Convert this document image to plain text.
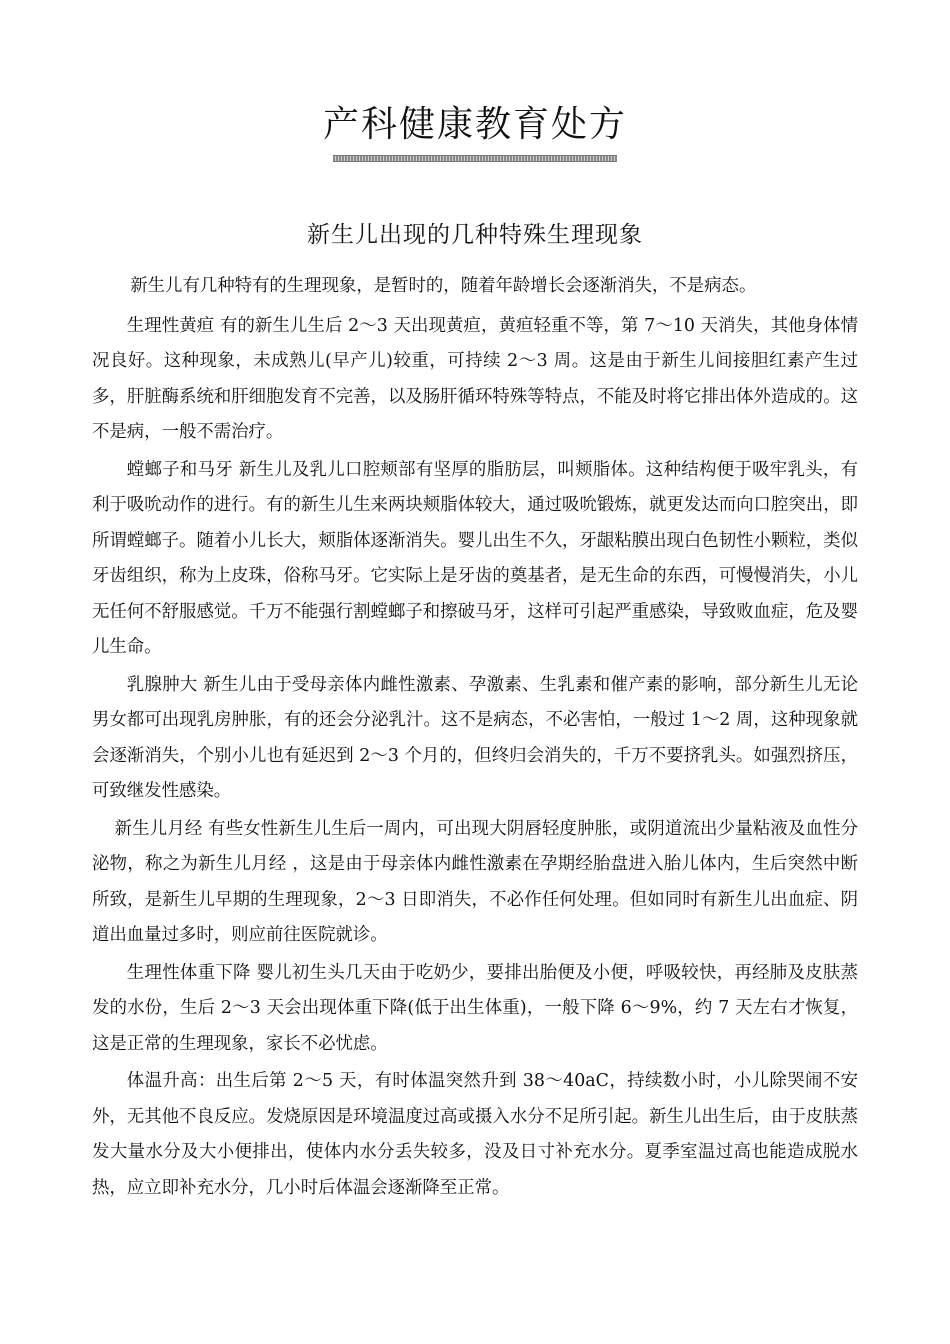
产科健康教育处方
新生儿出现的几种特殊生理现象

新生儿有几种特有的生理现象，是暂时的，随着年龄增长会逐渐消失，不是病态。

生理性黄疸 有的新生儿生后 2～3 天出现黄疸，黄疸轻重不等，第 7～10 天消失，其他身体情况良好。这种现象，未成熟儿(早产儿)较重，可持续 2～3 周。这是由于新生儿间接胆红素产生过多，肝脏酶系统和肝细胞发育不完善，以及肠肝循环特殊等特点，不能及时将它排出体外造成的。这不是病，一般不需治疗。

螳螂子和马牙 新生儿及乳儿口腔颊部有坚厚的脂肪层，叫颊脂体。这种结构便于吸牢乳头，有利于吸吮动作的进行。有的新生儿生来两块颊脂体较大，通过吸吮锻炼，就更发达而向口腔突出，即所谓螳螂子。随着小儿长大，颊脂体逐渐消失。婴儿出生不久，牙龈粘膜出现白色韧性小颗粒，类似牙齿组织，称为上皮珠，俗称马牙。它实际上是牙齿的奠基者，是无生命的东西，可慢慢消失，小儿无任何不舒服感觉。千万不能强行割螳螂子和擦破马牙，这样可引起严重感染，导致败血症，危及婴儿生命。

乳腺肿大 新生儿由于受母亲体内雌性激素、孕激素、生乳素和催产素的影响，部分新生儿无论男女都可出现乳房肿胀，有的还会分泌乳汁。这不是病态，不必害怕，一般过 1～2 周，这种现象就会逐渐消失，个别小儿也有延迟到 2～3 个月的，但终归会消失的，千万不要挤乳头。如强烈挤压，可致继发性感染。

新生儿月经 有些女性新生儿生后一周内，可出现大阴唇轻度肿胀，或阴道流出少量粘液及血性分泌物，称之为新生儿月经 ，这是由于母亲体内雌性激素在孕期经胎盘进入胎儿体内，生后突然中断所致，是新生儿早期的生理现象，2～3 日即消失，不必作任何处理。但如同时有新生儿出血症、阴道出血量过多时，则应前往医院就诊。

生理性体重下降 婴儿初生头几天由于吃奶少，要排出胎便及小便，呼吸较快，再经肺及皮肤蒸发的水份，生后 2～3 天会出现体重下降(低于出生体重)，一般下降 6～9%，约 7 天左右才恢复，这是正常的生理现象，家长不必忧虑。

体温升高：出生后第 2～5 天，有时体温突然升到 38～40aC，持续数小时，小儿除哭闹不安外，无其他不良反应。发烧原因是环境温度过高或摄入水分不足所引起。新生儿出生后，由于皮肤蒸发大量水分及大小便排出，使体内水分丢失较多，没及日寸补充水分。夏季室温过高也能造成脱水热，应立即补充水分，几小时后体温会逐渐降至正常。
